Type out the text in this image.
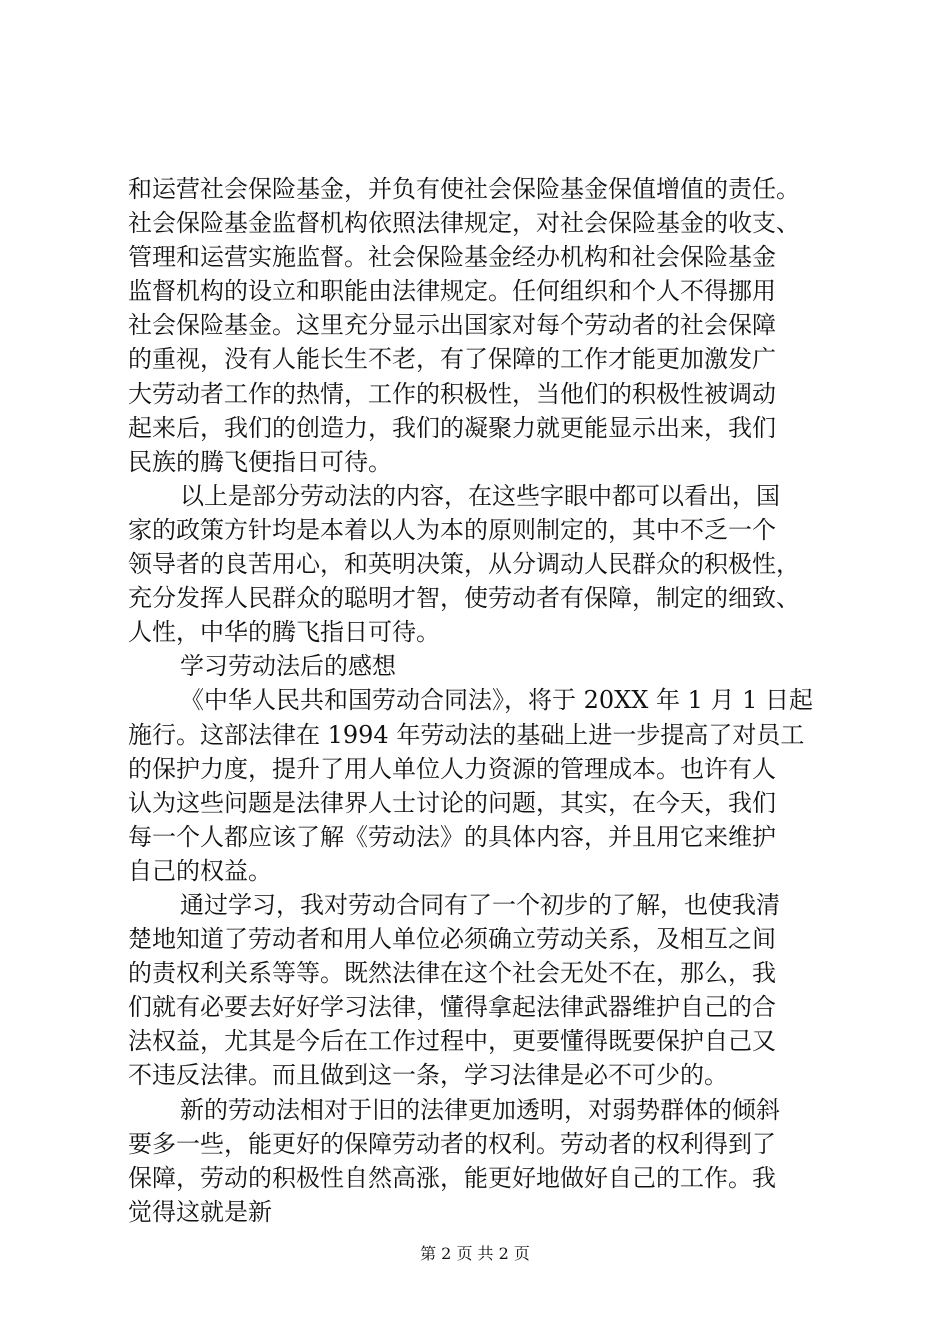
和运营社会保险基金，并负有使社会保险基金保值增值的责任。
社会保险基金监督机构依照法律规定，对社会保险基金的收支、
管理和运营实施监督。社会保险基金经办机构和社会保险基金
监督机构的设立和职能由法律规定。任何组织和个人不得挪用
社会保险基金。这里充分显示出国家对每个劳动者的社会保障
的重视，没有人能长生不老，有了保障的工作才能更加激发广
大劳动者工作的热情，工作的积极性，当他们的积极性被调动
起来后，我们的创造力，我们的凝聚力就更能显示出来，我们
民族的腾飞便指日可待。
以上是部分劳动法的内容，在这些字眼中都可以看出，国
家的政策方针均是本着以人为本的原则制定的，其中不乏一个
领导者的良苦用心，和英明决策，从分调动人民群众的积极性，
充分发挥人民群众的聪明才智，使劳动者有保障，制定的细致、
人性，中华的腾飞指日可待。
学习劳动法后的感想
《中华人民共和国劳动合同法》，将于 20XX 年 1 月 1 日起
施行。这部法律在 1994 年劳动法的基础上进一步提高了对员工
的保护力度，提升了用人单位人力资源的管理成本。也许有人
认为这些问题是法律界人士讨论的问题，其实，在今天，我们
每一个人都应该了解《劳动法》的具体内容，并且用它来维护
自己的权益。
通过学习，我对劳动合同有了一个初步的了解，也使我清
楚地知道了劳动者和用人单位必须确立劳动关系，及相互之间
的责权利关系等等。既然法律在这个社会无处不在，那么，我
们就有必要去好好学习法律，懂得拿起法律武器维护自己的合
法权益，尤其是今后在工作过程中，更要懂得既要保护自己又
不违反法律。而且做到这一条，学习法律是必不可少的。
新的劳动法相对于旧的法律更加透明，对弱势群体的倾斜
要多一些，能更好的保障劳动者的权利。劳动者的权利得到了
保障，劳动的积极性自然高涨，能更好地做好自己的工作。我
觉得这就是新
第 2 页 共 2 页
